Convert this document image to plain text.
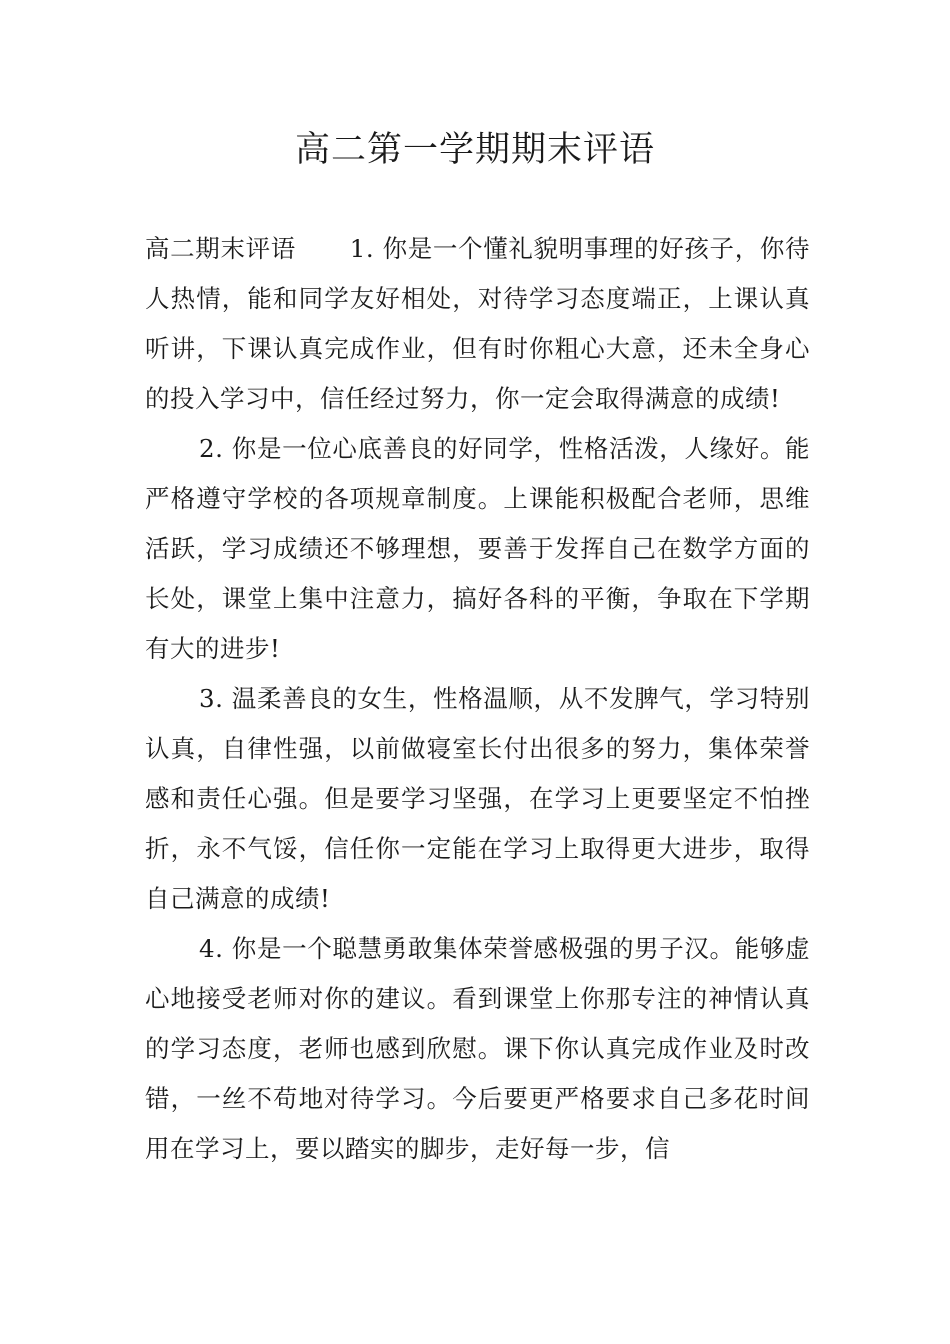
高二第一学期期末评语

高二期末评语 1. 你是一个懂礼貌明事理的好孩子，你待人热情，能和同学友好相处，对待学习态度端正，上课认真听讲，下课认真完成作业，但有时你粗心大意，还未全身心的投入学习中，信任经过努力，你一定会取得满意的成绩!

2. 你是一位心底善良的好同学，性格活泼，人缘好。能严格遵守学校的各项规章制度。上课能积极配合老师，思维活跃，学习成绩还不够理想，要善于发挥自己在数学方面的长处，课堂上集中注意力，搞好各科的平衡，争取在下学期有大的进步!

3. 温柔善良的女生，性格温顺，从不发脾气，学习特别认真，自律性强，以前做寝室长付出很多的努力，集体荣誉感和责任心强。但是要学习坚强，在学习上更要坚定不怕挫折，永不气馁，信任你一定能在学习上取得更大进步，取得自己满意的成绩!

4. 你是一个聪慧勇敢集体荣誉感极强的男子汉。能够虚心地接受老师对你的建议。看到课堂上你那专注的神情认真的学习态度，老师也感到欣慰。课下你认真完成作业及时改错，一丝不苟地对待学习。今后要更严格要求自己多花时间用在学习上，要以踏实的脚步，走好每一步，信
